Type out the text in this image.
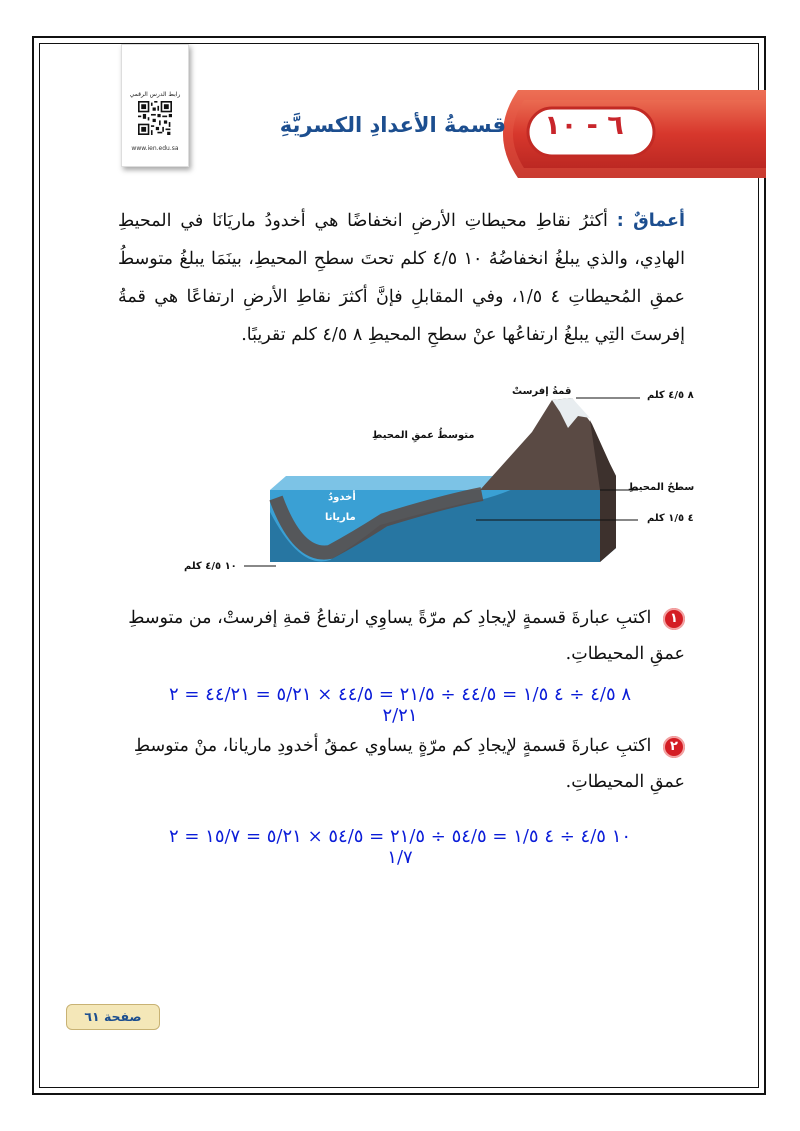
رابط الدرس الرقمي
www.ien.edu.sa
٦ - ١٠
قسمةُ الأعدادِ الكسريَّةِ
أعماقٌ : أكثرُ نقاطِ محيطاتِ الأرضِ انخفاضًا هي أخدودُ ماريَانَا في المحيطِ الهادِي، والذي يبلغُ انخفاضُهُ ١٠ ٤/٥ كلم تحتَ سطحِ المحيطِ، بينَمَا يبلغُ متوسطُ عمقِ المُحيطاتِ ٤ ١/٥، وفي المقابلِ فإنَّ أكثرَ نقاطِ الأرضِ ارتفاعًا هي قمةُ إفرستَ التِي يبلغُ ارتفاعُها عنْ سطحِ المحيطِ ٨ ٤/٥ كلم تقريبًا.
قمةُ إفرستْ	٨ ٤/٥ كلم
متوسطُ عمقِ المحيطِ
سطحُ المحيطِ
٤ ١/٥ كلم
أخدودُ
ماريانا
١٠ ٤/٥ كلم
١ اكتبِ عبارةَ قسمةٍ لإيجادِ كم مرّةً يساوِي ارتفاعُ قمةِ إفرستْ، من متوسطِ عمقِ المحيطاتِ.
٨ ٤/٥ ÷ ٤ ١/٥ = ٤٤/٥ ÷ ٢١/٥ = ٤٤/٥ × ٥/٢١ = ٤٤/٢١ = ٢ ٢/٢١
٢ اكتبِ عبارةَ قسمةٍ لإيجادِ كم مرّةٍ يساوي عمقُ أخدودِ ماريانا، منْ متوسطِ عمقِ المحيطاتِ.
١٠ ٤/٥ ÷ ٤ ١/٥ = ٥٤/٥ ÷ ٢١/٥ = ٥٤/٥ × ٥/٢١ = ١٥/٧ = ٢ ١/٧
صفحة ٦١
